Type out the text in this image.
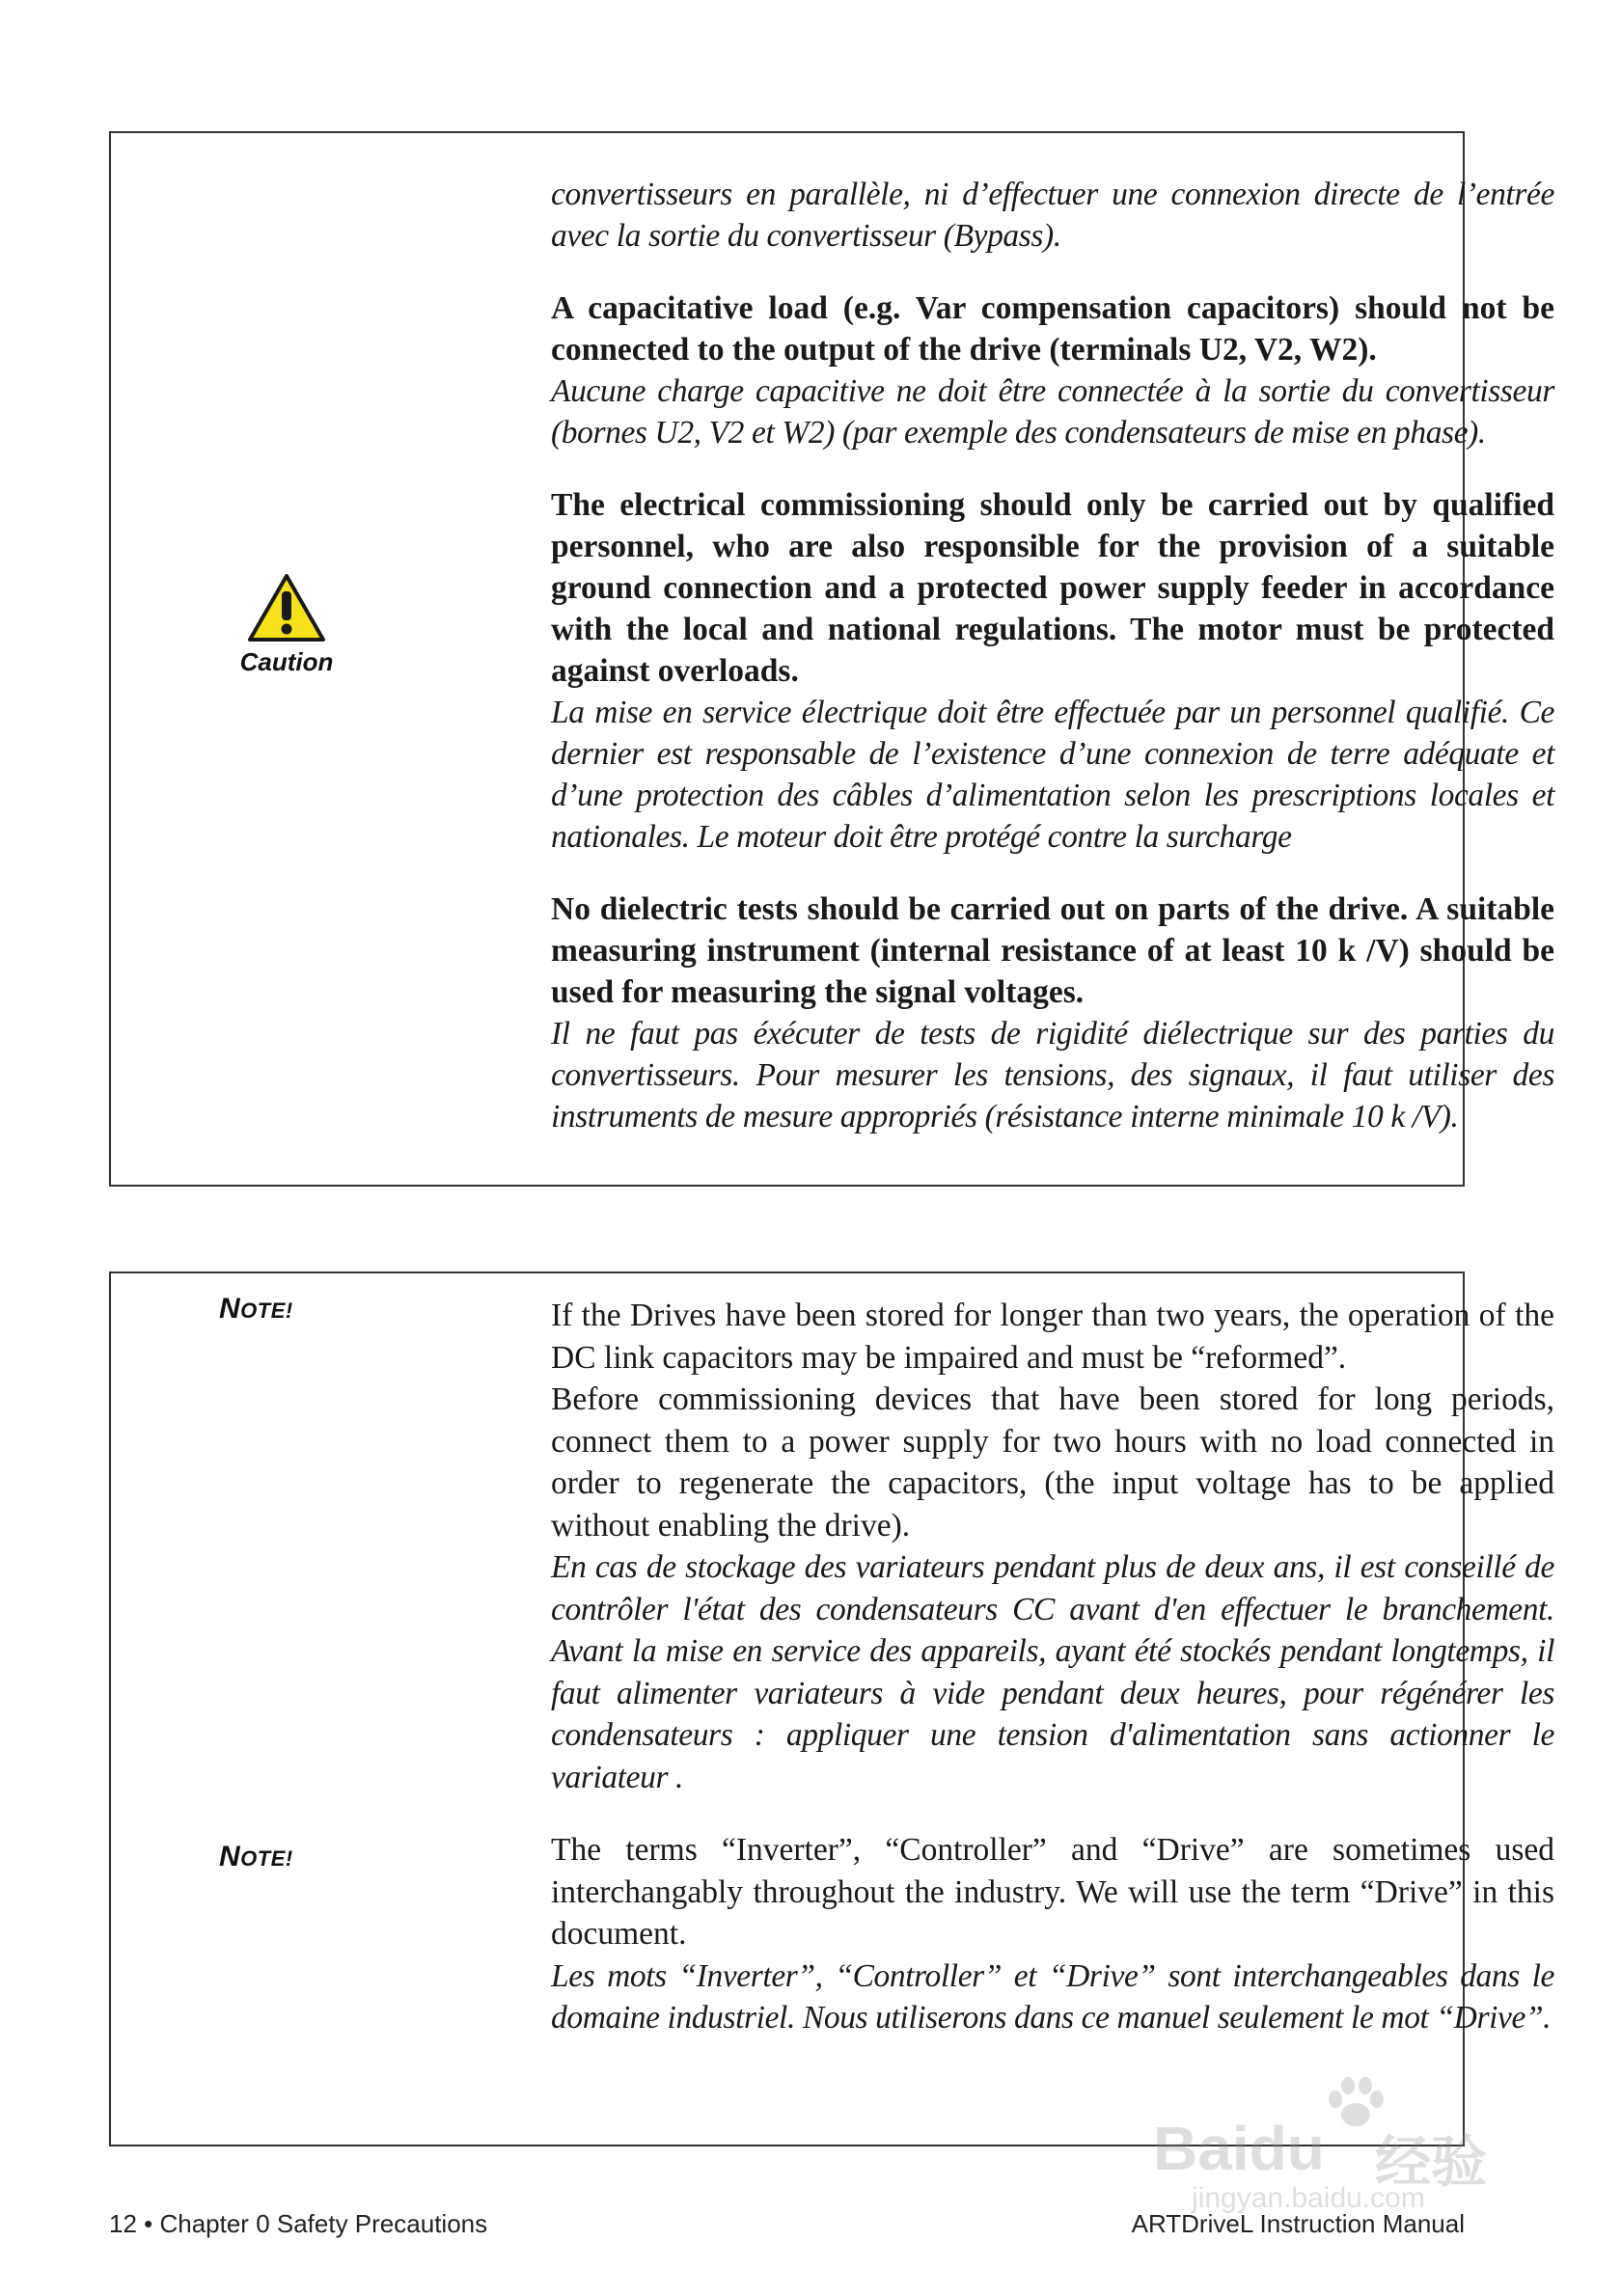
Caution

convertisseurs en parallèle, ni d’effectuer une connexion directe de l’entrée avec la sortie du convertisseur (Bypass).

A capacitative load (e.g. Var compensation capacitors) should not be connected to the output of the drive (terminals U2, V2, W2).

Aucune charge capacitive ne doit être connectée à la sortie du convertisseur (bornes U2, V2 et W2) (par exemple des condensateurs de mise en phase).

The electrical commissioning should only be carried out by qualified personnel, who are also responsible for the provision of a suitable ground connection and a protected power supply feeder in accordance with the local and national regulations. The motor must be protected against overloads.

La mise en service électrique doit être effectuée par un personnel qualifié. Ce dernier est responsable de l’existence d’une connexion de terre adéquate et d’une protection des câbles d’alimentation selon les prescriptions locales et nationales. Le moteur doit être protégé contre la surcharge

No dielectric tests should be carried out on parts of the drive. A suitable measuring instrument (internal resistance of at least 10 k /V) should be used for measuring the signal voltages.

Il ne faut pas éxécuter de tests de rigidité diélectrique sur des parties du convertisseurs. Pour mesurer les tensions, des signaux, il faut utiliser des instruments de mesure appropriés (résistance interne minimale 10 k /V).

NOTE!
NOTE!

If the Drives have been stored for longer than two years, the operation of the DC link capacitors may be impaired and must be “reformed”.

Before commissioning devices that have been stored for long periods, connect them to a power supply for two hours with no load connected in order to regenerate the capacitors, (the input voltage has to be applied without enabling the drive).

En cas de stockage des variateurs pendant plus de deux ans, il est conseillé de contrôler l'état des condensateurs CC avant d'en effectuer le branchement. Avant la mise en service des appareils, ayant été stockés pendant longtemps, il faut alimenter variateurs à vide pendant deux heures, pour régénérer les condensateurs : appliquer une tension d'alimentation sans actionner le variateur .

The terms “Inverter”, “Controller” and “Drive” are sometimes used interchangably throughout the industry. We will use the term “Drive” in this document.

Les mots “Inverter”, “Controller” et “Drive” sont interchangeables dans le domaine industriel. Nous utiliserons dans ce manuel seulement le mot “Drive”.

12 • Chapter 0 Safety Precautions	ARTDriveL Instruction Manual
Baidu 经验
jingyan.baidu.com
